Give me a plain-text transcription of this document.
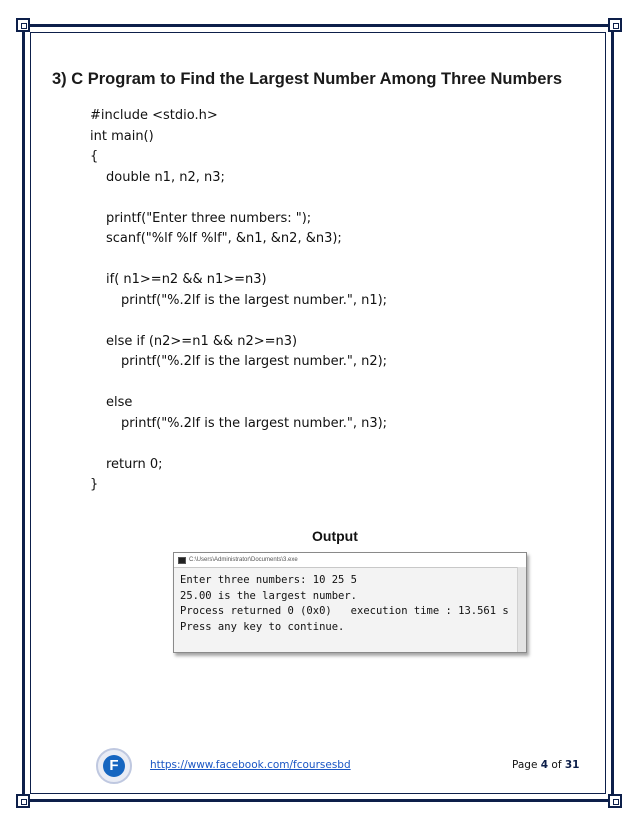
3) C Program to Find the Largest Number Among Three Numbers
#include <stdio.h>
int main()
{
double n1, n2, n3;
printf("Enter three numbers: ");
scanf("%lf %lf %lf", &n1, &n2, &n3);
if( n1>=n2 && n1>=n3)
printf("%.2lf is the largest number.", n1);
else if (n2>=n1 && n2>=n3)
printf("%.2lf is the largest number.", n2);
else
printf("%.2lf is the largest number.", n3);
return 0;
}
Output
C:\Users\Administrator\Documents\3.exe
Enter three numbers: 10 25 5
25.00 is the largest number.
Process returned 0 (0x0)   execution time : 13.561 s
Press any key to continue.
F	https://www.facebook.com/fcoursesbd	Page 4 of 31
